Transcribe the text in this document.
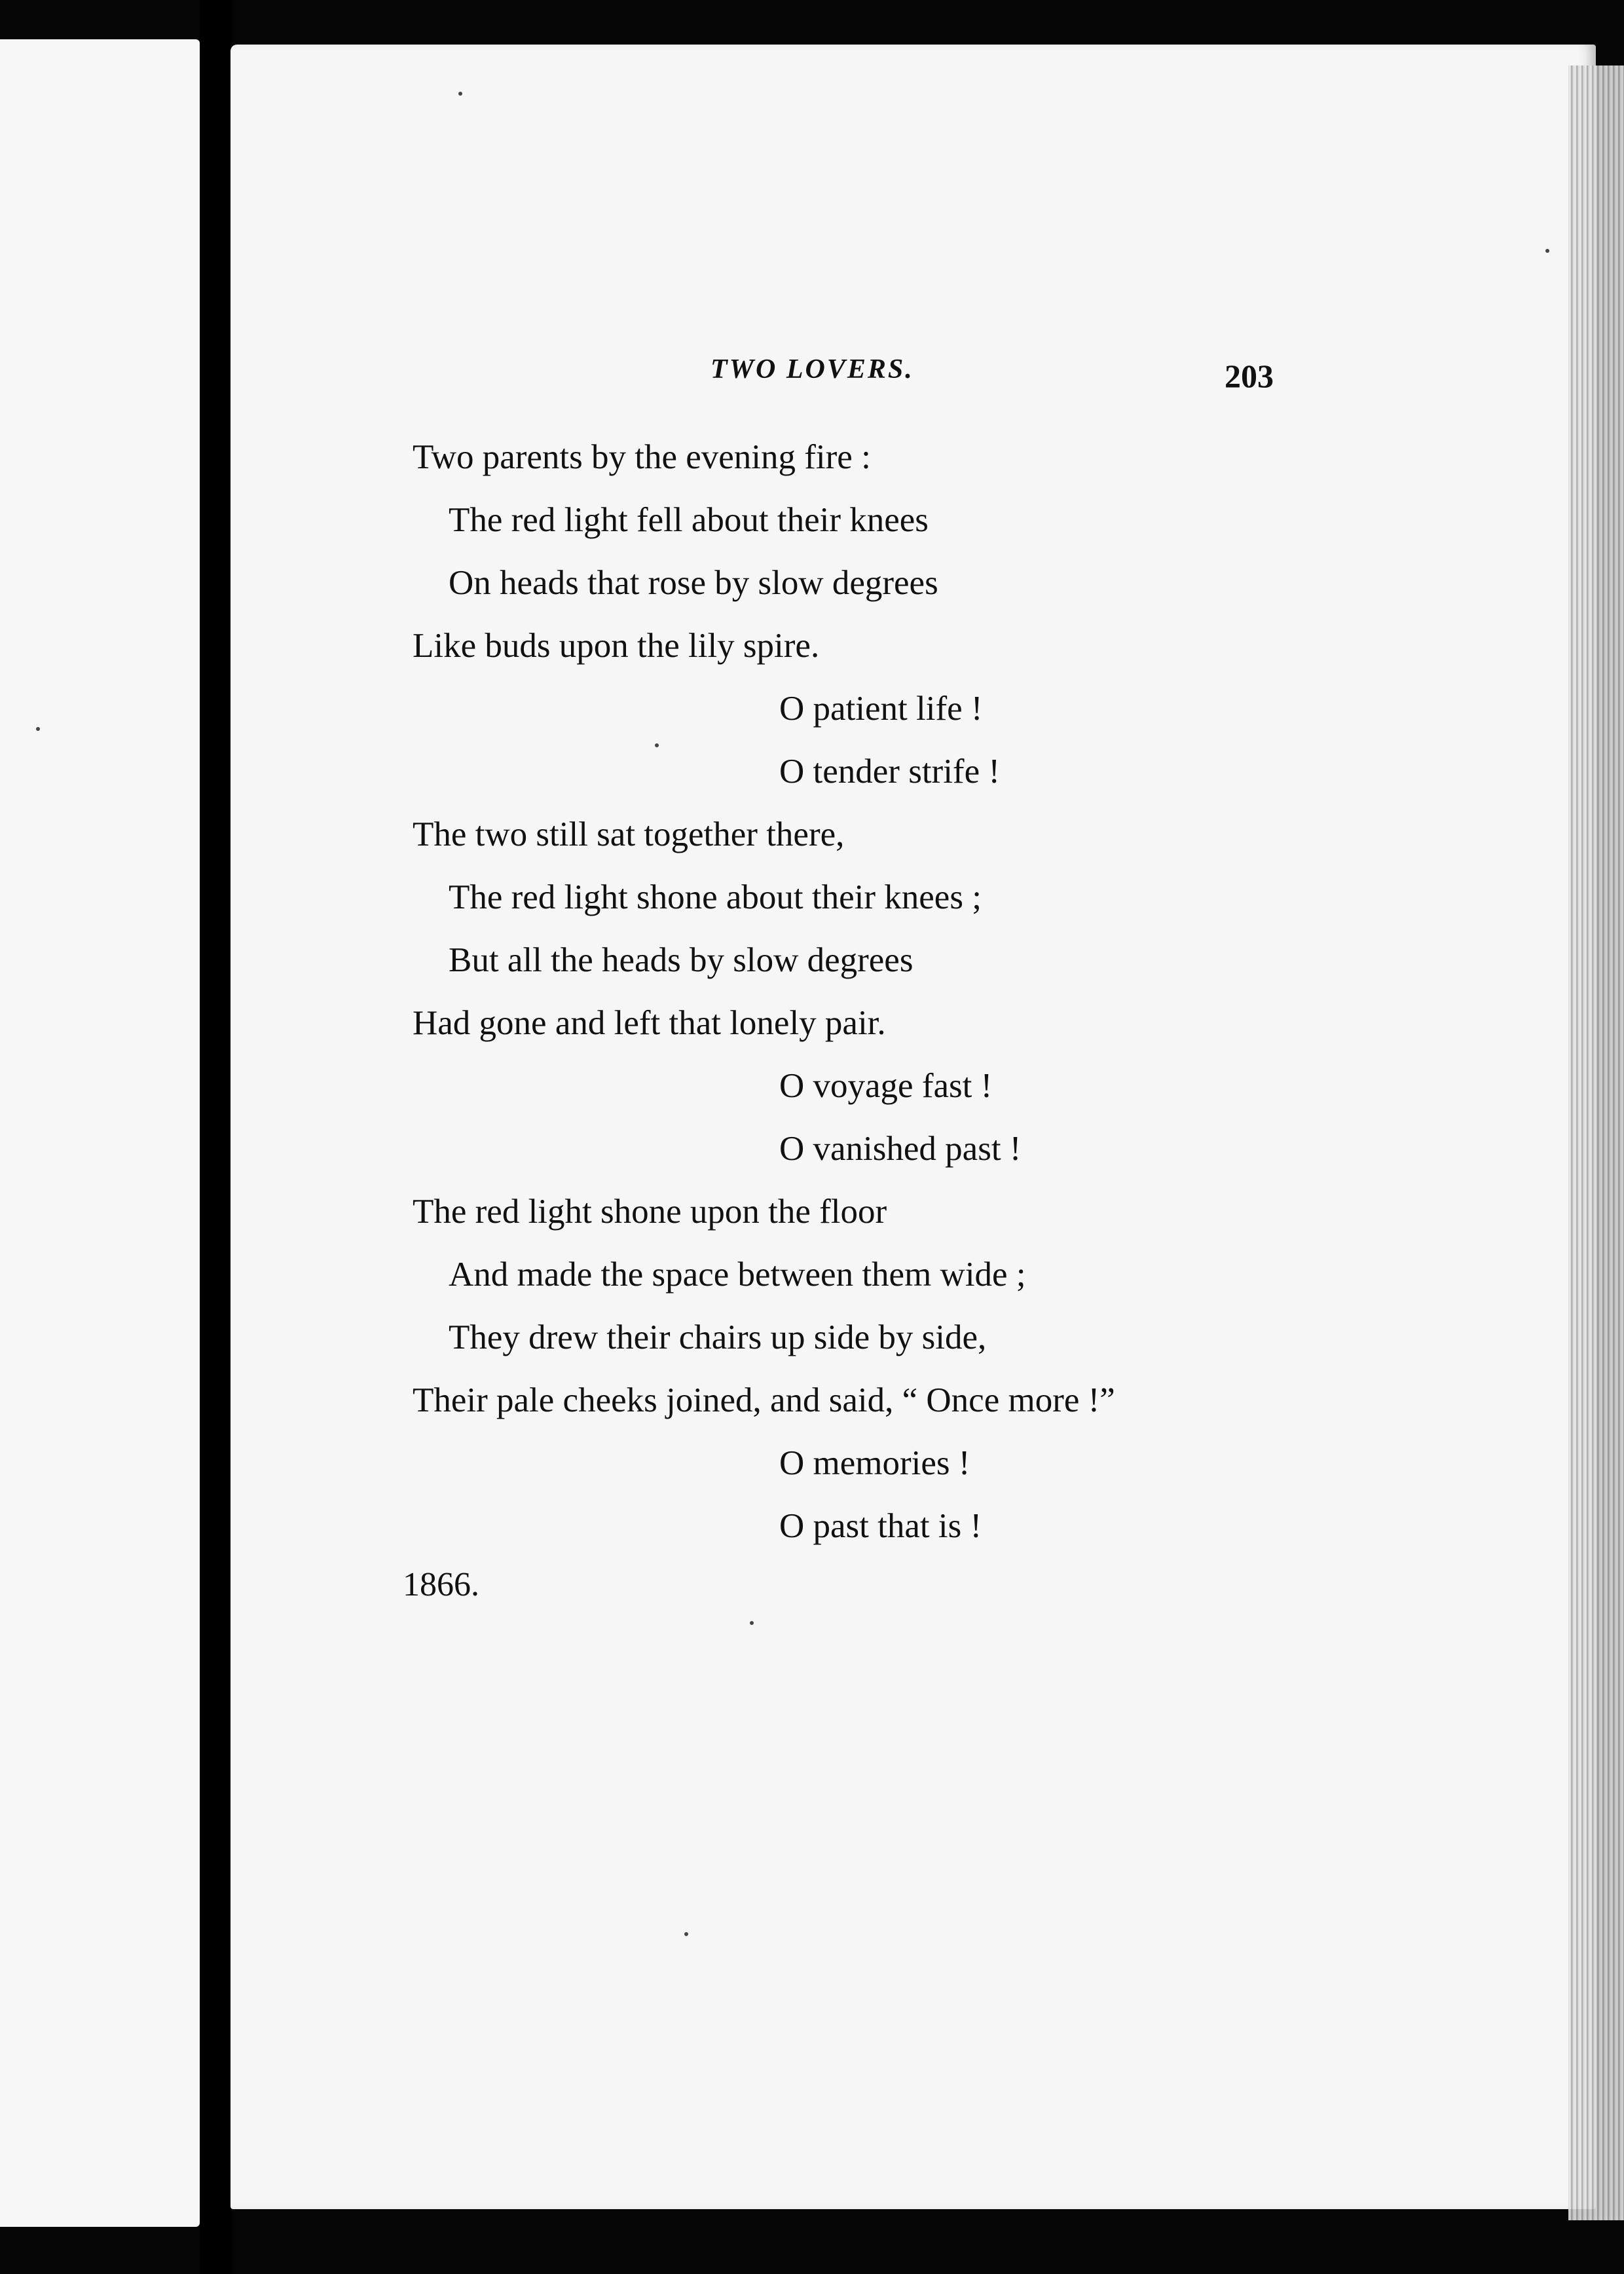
TWO LOVERS.	203
Two parents by the evening fire :
The red light fell about their knees
On heads that rose by slow degrees
Like buds upon the lily spire.
O patient life !
O tender strife !
The two still sat together there,
The red light shone about their knees ;
But all the heads by slow degrees
Had gone and left that lonely pair.
O voyage fast !
O vanished past !
The red light shone upon the floor
And made the space between them wide ;
They drew their chairs up side by side,
Their pale cheeks joined, and said, “ Once more !”
O memories !
O past that is !
1866.
